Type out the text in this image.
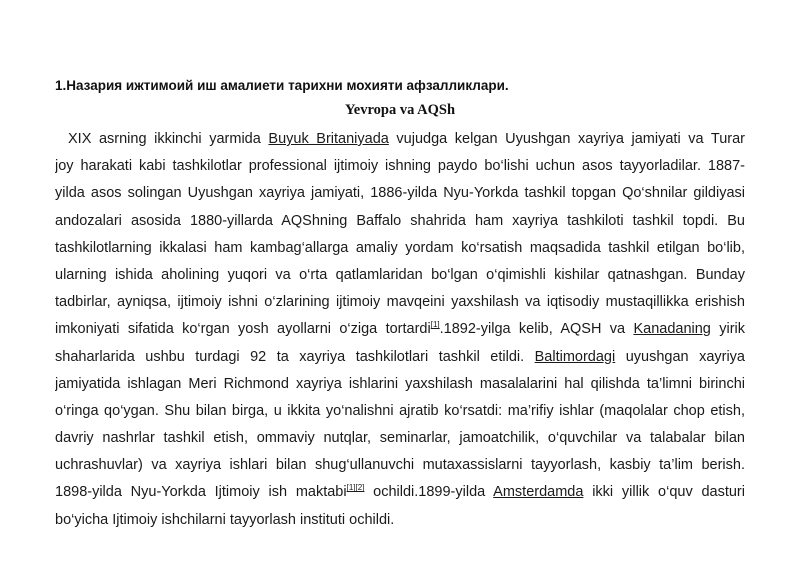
1.Назария ижтимоий иш амалиети тарихни мохияти афзалликлари.
Yevropa va AQSh
XIX asrning ikkinchi yarmida Buyuk Britaniyada vujudga kelgan Uyushgan xayriya jamiyati va Turar
joy harakati kabi tashkilotlar professional ijtimoiy ishning paydo bo‘lishi uchun asos tayyorladilar. 1887-
yilda asos solingan Uyushgan xayriya jamiyati, 1886-yilda Nyu-Yorkda tashkil topgan Qo‘shnilar gildiyasi
andozalari asosida 1880-yillarda AQShning Baffalo shahrida ham xayriya tashkiloti tashkil topdi. Bu
tashkilotlarning ikkalasi ham kambag‘allarga amaliy yordam ko‘rsatish maqsadida tashkil etilgan bo‘lib,
ularning ishida aholining yuqori va o‘rta qatlamlaridan bo‘lgan o‘qimishli kishilar qatnashgan. Bunday
tadbirlar, ayniqsa, ijtimoiy ishni o‘zlarining ijtimoiy mavqeini yaxshilash va iqtisodiy mustaqillikka erishish
imkoniyati sifatida ko‘rgan yosh ayollarni o‘ziga tortardi[1].1892-yilga kelib, AQSH va Kanadaning yirik
shaharlarida ushbu turdagi 92 ta xayriya tashkilotlari tashkil etildi. Baltimordagi uyushgan xayriya
jamiyatida ishlagan Meri Richmond xayriya ishlarini yaxshilash masalalarini hal qilishda ta’limni birinchi
o‘ringa qo‘ygan. Shu bilan birga, u ikkita yo‘nalishni ajratib ko‘rsatdi: ma’rifiy ishlar (maqolalar chop etish,
davriy nashrlar tashkil etish, ommaviy nutqlar, seminarlar, jamoatchilik, o‘quvchilar va talabalar bilan
uchrashuvlar) va xayriya ishlari bilan shug‘ullanuvchi mutaxassislarni tayyorlash, kasbiy ta’lim berish.
1898-yilda Nyu-Yorkda Ijtimoiy ish maktabi[1][2] ochildi.1899-yilda Amsterdamda ikki yillik o‘quv dasturi
bo‘yicha Ijtimoiy ishchilarni tayyorlash instituti ochildi.
